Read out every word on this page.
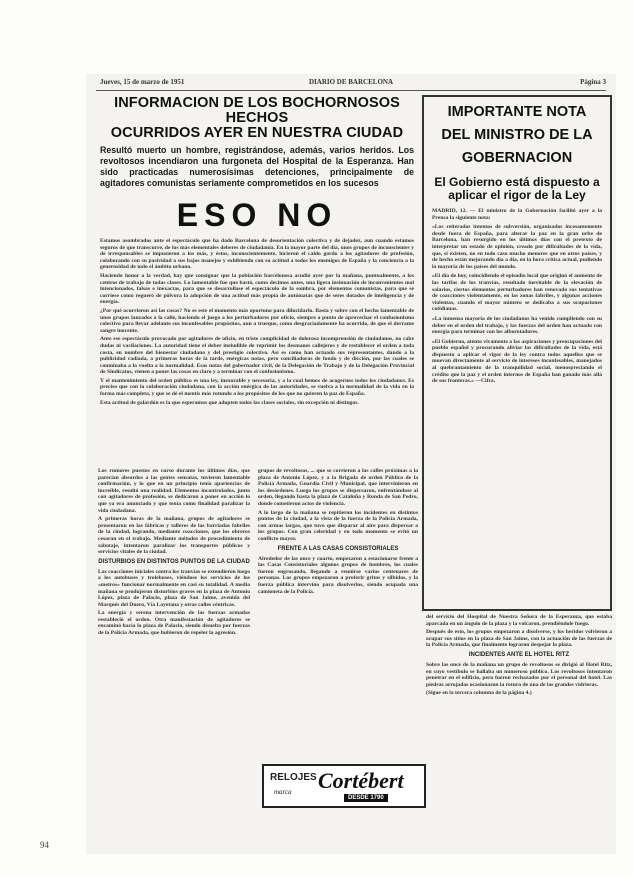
Jueves, 15 de marzo de 1951	DIARIO DE BARCELONA	Página 3
INFORMACION DE LOS BOCHORNOSOS HECHOS
OCURRIDOS AYER EN NUESTRA CIUDAD
Resultó muerto un hombre, registrándose, además, varios heridos. Los revoltosos incendiaron una furgoneta del Hospital de la Esperanza. Han sido practicadas numerosísimas detenciones, principalmente de agitadores comunistas seriamente comprometidos en los sucesos
ESO NO

Estamos asombrados ante el espectáculo que ha dado Barcelona de desorientación colectiva y de dejadez, aun cuando estamos seguros de que transcurre, de los más elementales deberes de ciudadanía. En la mayor parte del día, unos grupos de inconscientes y de irresponsables se impusieron a los más, y éstos, inconscientemente, hicieron el caldo gordo a los agitadores de profesión, colaborando con su pasividad a sus bajos manejos y exhibiendo con su actitud a todos los enemigos de España y la conciencia a la generosidad de todo el ámbito urbano.

Haciendo honor a la verdad, hay que consignar que la población barcelonesa acudió ayer por la mañana, puntualmente, a los centros de trabajo de todas clases. Lo lamentable fue que bastó, como decimos antes, una ligera insinuación de inconvenientes mal intencionados, falsas e inexactas, para que se desarrollase el espectáculo de la sombra, por elementos comunistas, para que se corriese como reguero de pólvora la adopción de una actitud más propia de autómatas que de seres dotados de inteligencia y de energía.

¿Por qué ocurrieron así las cosas? No es este el momento más oportuno para dilucidarlo. Basta y sobre con el hecho lamentable de unos grupos lanzados a la calle, haciendo el juego a los perturbadores por oficio, siempre a punto de aprovechar el confusionismo colectivo para llevar adelante sus inconfesables propósitos, aun a trueque, como desgraciadamente ha ocurrido, de que el derrame sangre inocente.

Ante ese espectáculo provocado por agitadores de oficio, en triste complicidad de dolorosa incomprensión de ciudadanos, no cabe dudas ni vacilaciones. La autoridad tiene el deber ineludible de reprimir los desmanes callejeros y de restablecer el orden a toda costa, en nombre del bienestar ciudadano y del prestigio colectivo. Así es como han actuado sus representantes, dando a la publicidad radiada, a primeras horas de la tarde, enérgicas notas, pero conciliadoras de fondo y de dicción, por las cuales se conminaba a la vuelta a la normalidad. Esas notas del gobernador civil, de la Delegación de Trabajo y de la Delegación Provincial de Sindicatos, vienen a poner las cosas en claro y a terminar con el confusionismo.

Y el mantenimiento del orden público es una ley, inexorable y necesaria, y a la cual hemos de acogernos todos los ciudadanos. Es preciso que con la colaboración ciudadana, con la acción enérgica de las autoridades, se vuelva a la normalidad de la vida en la forma más completa, y que se dé el mentís más rotundo a los propósitos de los que no quieren la paz de España.

Esta actitud de galardón es la que esperamos que adopten todos las clases sociales, sin excepción ni distingos.

Los rumores puestos en curso durante los últimos días, que parecían absurdos a las gentes sensatas, tuvieron lamentable confirmación, y lo que en un principio tenía apariencias de increíble, resultó una realidad. Elementos incontrolados, junto con agitadores de profesión, se dedicaron a poner en acción lo que ya era anunciado y que tenía como finalidad paralizar la vida ciudadana.

A primeras horas de la mañana, grupos de agitadores se presentaron en las fábricas y talleres de las barriadas fabriles de la ciudad, logrando, mediante coacciones, que los obreros cesaran en el trabajo. Mediante métodos de procedimiento de sabotaje, intentaron paralizar los transportes públicos y servicios vitales de la ciudad.

DISTURBIOS EN DISTINTOS PUNTOS DE LA CIUDAD

Las coacciones iniciales contra los tranvías se extendieron luego a los autobuses y trolebuses, viéndose los servicios de los «metros» funcionar normalmente en casi su totalidad. A media mañana se produjeron disturbios graves en la plaza de Antonio López, plaza de Palacio, plaza de San Jaime, avenida del Marqués del Duero, Vía Layetana y otras calles céntricas.

La energía y serena intervención de las fuerzas armadas restableció el orden. Otra manifestación de agitadores se encaminó hacia la plaza de Palacio, siendo disuelta por fuerzas de la Policía Armada, que hubieron de repeler la agresión.

grupos de revoltosos, ... que se corrieron a las calles próximas a la plaza de Antonio López, y a la Brigada de orden Público de la Policía Armada, Guardia Civil y Municipal, que intervinieron en los desórdenes. Luego los grupos se dispersaron, enfrentándose al orden, llegando hasta la plaza de Cataluña y Ronda de San Pedro, donde cometieron actos de violencia.

A lo largo de la mañana se repitieron los incidentes en distintos puntos de la ciudad, a la vista de la fuerza de la Policía Armada, con armas largas, que tuvo que disparar al aire para dispersar a los grupos. Con gran celeridad y en todo momento se evitó un conflicto mayor.

FRENTE A LAS CASAS CONSISTORIALES

Alrededor de las once y cuarto, empezaron a estacionarse frente a las Casas Consistoriales algunos grupos de hombres, los cuales fueron engrosando, llegando a reunirse varios centenares de personas. Los grupos empezaron a proferir gritos y silbidos, y la fuerza pública intervino para disolverlos, siendo ocupada una camioneta de la Policía.

IMPORTANTE NOTA
DEL MINISTRO DE LA
GOBERNACION
El Gobierno está dispuesto a aplicar el rigor de la Ley

MADRID, 12. — El ministro de la Gobernación facilitó ayer a la Prensa la siguiente nota:

«Los reiterados intentos de subversión, organizados incesantemente desde fuera de España, para alterar la paz en la gran urbe de Barcelona, han resurgido en los últimos días con el pretexto de interpretar un estado de opinión, creado por dificultades de la vida, que, si existen, no en todo caso mucho menores que en otros países, y de hecho están mejorando día a día, en la hora crítica actual, pudiendo la mayoría de los países del mundo.

»El día de hoy, coincidiendo el episodio local que originó el aumento de las tarifas de los tranvías, resultado inevitable de la elevación de salarios, ciertos elementos perturbadores han renovado sus tentativas de coacciones violentamente, en las zonas fabriles, y algunas acciones violentas, cuando el mayor número se dedicaba a sus ocupaciones cotidianas.

»La inmensa mayoría de los ciudadanos ha venido cumpliendo con su deber en el orden del trabajo, y las fuerzas del orden han actuado con energía para terminar con los alborotadores.

»El Gobierno, atento vivamente a las aspiraciones y preocupaciones del pueblo español y procurando aliviar las dificultades de la vida, está dispuesto a aplicar el rigor de la ley contra todos aquellos que se muevan directamente al servicio de intereses inconfesables, manejados al quebrantamiento de la tranquilidad social, menospreciando el crédito que la paz y el orden internos de España han ganado más allá de sus fronteras.» —Cifra.

del servicio del Hospital de Nuestra Señora de la Esperanza, que estaba aparcada en un ángulo de la plaza y la volcaron, prendiéndole fuego.

Después de esto, los grupos empezaron a disolverse, y los heridos volvieron a ocupar sus sitios en la plaza de San Jaime, con la actuación de las fuerzas de la Policía Armada, que finalmente lograron despejar la plaza.

INCIDENTES ANTE EL HOTEL RITZ

Sobre las once de la mañana un grupo de revoltosos se dirigió al Hotel Ritz, en cuyo vestíbulo se hallaba un numeroso público. Los revoltosos intentaron penetrar en el edificio, pero fueron rechazados por el personal del hotel. Las piedras arrojadas ocasionaron la rotura de una de las grandes vidrieras.

(Sigue en la tercera columna de la página 4.)

RELOJES
marca Cortébert
DESDE 1790
94
